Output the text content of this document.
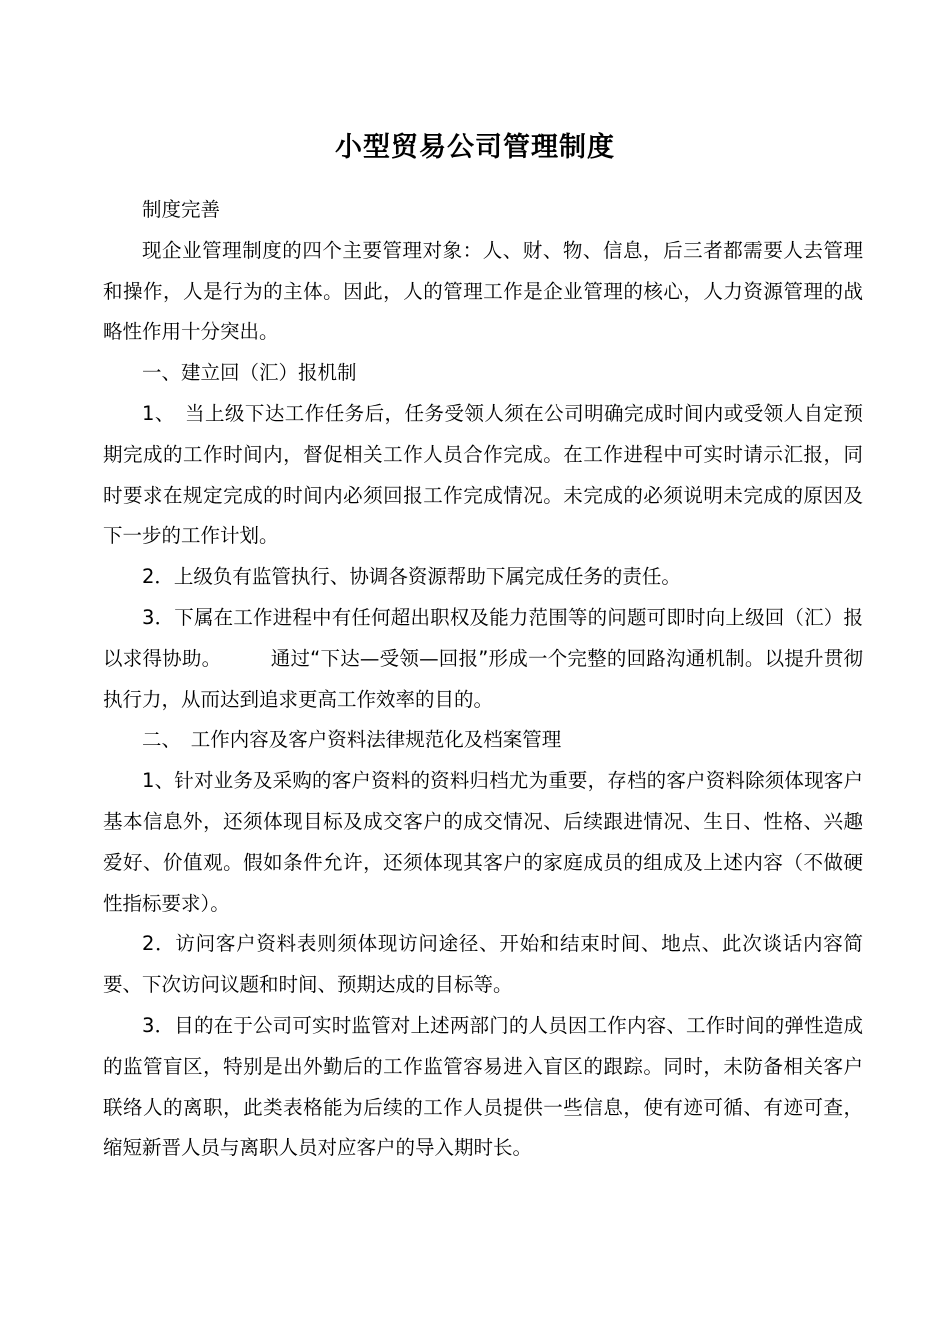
小型贸易公司管理制度

制度完善

现企业管理制度的四个主要管理对象：人、财、物、信息，后三者都需要人去管理和操作，人是行为的主体。因此，人的管理工作是企业管理的核心，人力资源管理的战略性作用十分突出。

一、建立回（汇）报机制

1、　当上级下达工作任务后，任务受领人须在公司明确完成时间内或受领人自定预期完成的工作时间内，督促相关工作人员合作完成。在工作进程中可实时请示汇报，同时要求在规定完成的时间内必须回报工作完成情况。未完成的必须说明未完成的原因及下一步的工作计划。

2．上级负有监管执行、协调各资源帮助下属完成任务的责任。

3．下属在工作进程中有任何超出职权及能力范围等的问题可即时向上级回（汇）报以求得协助。　　　通过“下达—受领—回报”形成一个完整的回路沟通机制。以提升贯彻执行力，从而达到追求更高工作效率的目的。

二、　工作内容及客户资料法律规范化及档案管理

1、针对业务及采购的客户资料的资料归档尤为重要，存档的客户资料除须体现客户基本信息外，还须体现目标及成交客户的成交情况、后续跟进情况、生日、性格、兴趣爱好、价值观。假如条件允许，还须体现其客户的家庭成员的组成及上述内容（不做硬性指标要求）。

2．访问客户资料表则须体现访问途径、开始和结束时间、地点、此次谈话内容简要、下次访问议题和时间、预期达成的目标等。

3．目的在于公司可实时监管对上述两部门的人员因工作内容、工作时间的弹性造成的监管盲区，特别是出外勤后的工作监管容易进入盲区的跟踪。同时，未防备相关客户联络人的离职，此类表格能为后续的工作人员提供一些信息，使有迹可循、有迹可查，缩短新晋人员与离职人员对应客户的导入期时长。
